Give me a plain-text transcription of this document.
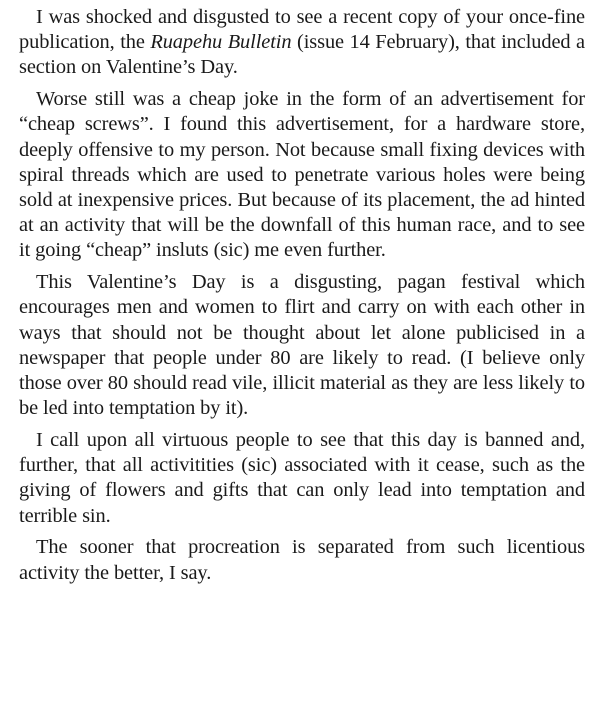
I was shocked and disgusted to see a recent copy of your once-fine publication, the Ruapehu Bulletin (issue 14 February), that included a section on Valentine’s Day.

Worse still was a cheap joke in the form of an advertisement for “cheap screws”. I found this advertisement, for a hardware store, deeply offensive to my person. Not because small fixing devices with spiral threads which are used to penetrate various holes were being sold at inexpensive prices. But because of its placement, the ad hinted at an activity that will be the downfall of this human race, and to see it going “cheap” insluts (sic) me even further.

This Valentine’s Day is a disgusting, pagan festival which encourages men and women to flirt and carry on with each other in ways that should not be thought about let alone publicised in a newspaper that people under 80 are likely to read. (I believe only those over 80 should read vile, illicit material as they are less likely to be led into temptation by it).

I call upon all virtuous people to see that this day is banned and, further, that all activitities (sic) associated with it cease, such as the giving of flowers and gifts that can only lead into temptation and terrible sin.

The sooner that procreation is separated from such licentious activity the better, I say.
